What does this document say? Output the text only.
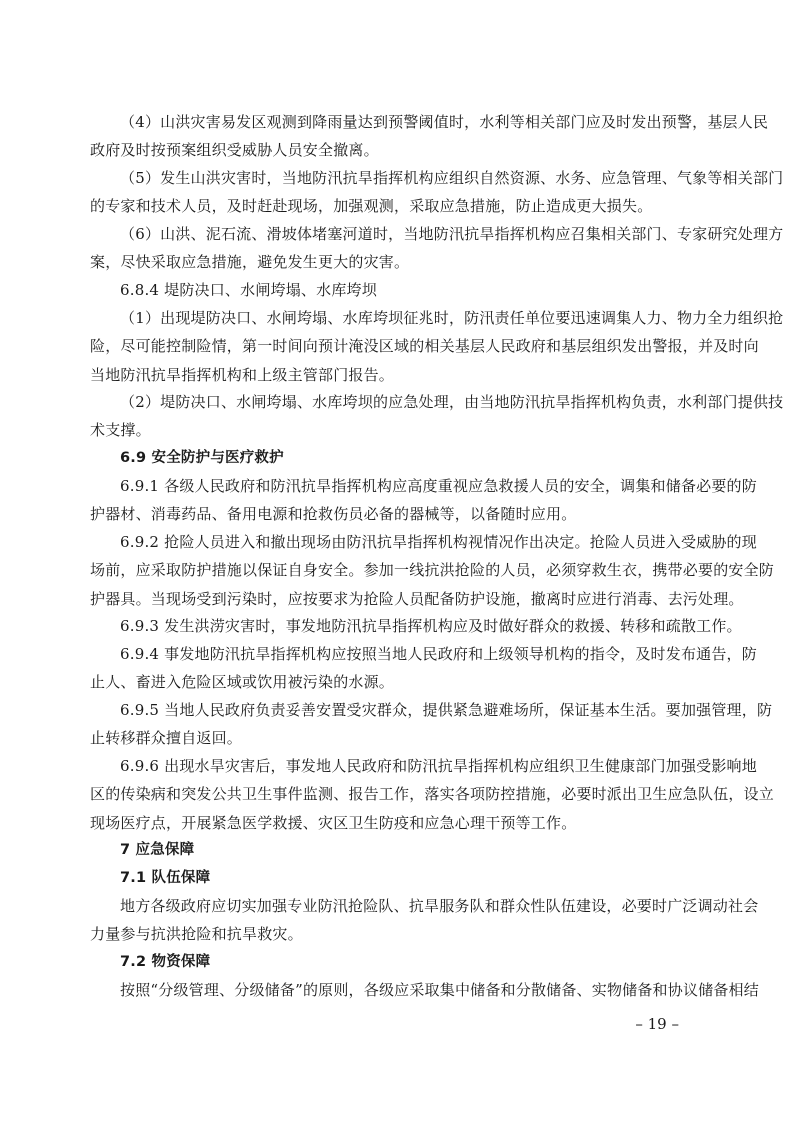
（4）山洪灾害易发区观测到降雨量达到预警阈值时，水利等相关部门应及时发出预警，基层人民
政府及时按预案组织受威胁人员安全撤离。
（5）发生山洪灾害时，当地防汛抗旱指挥机构应组织自然资源、水务、应急管理、气象等相关部门
的专家和技术人员，及时赶赴现场，加强观测，采取应急措施，防止造成更大损失。
（6）山洪、泥石流、滑坡体堵塞河道时，当地防汛抗旱指挥机构应召集相关部门、专家研究处理方
案，尽快采取应急措施，避免发生更大的灾害。
6.8.4 堤防决口、水闸垮塌、水库垮坝
（1）出现堤防决口、水闸垮塌、水库垮坝征兆时，防汛责任单位要迅速调集人力、物力全力组织抢
险，尽可能控制险情，第一时间向预计淹没区域的相关基层人民政府和基层组织发出警报，并及时向
当地防汛抗旱指挥机构和上级主管部门报告。
（2）堤防决口、水闸垮塌、水库垮坝的应急处理，由当地防汛抗旱指挥机构负责，水利部门提供技
术支撑。
6.9 安全防护与医疗救护
6.9.1 各级人民政府和防汛抗旱指挥机构应高度重视应急救援人员的安全，调集和储备必要的防
护器材、消毒药品、备用电源和抢救伤员必备的器械等，以备随时应用。
6.9.2 抢险人员进入和撤出现场由防汛抗旱指挥机构视情况作出决定。抢险人员进入受威胁的现
场前，应采取防护措施以保证自身安全。参加一线抗洪抢险的人员，必须穿救生衣，携带必要的安全防
护器具。当现场受到污染时，应按要求为抢险人员配备防护设施，撤离时应进行消毒、去污处理。
6.9.3 发生洪涝灾害时，事发地防汛抗旱指挥机构应及时做好群众的救援、转移和疏散工作。
6.9.4 事发地防汛抗旱指挥机构应按照当地人民政府和上级领导机构的指令，及时发布通告，防
止人、畜进入危险区域或饮用被污染的水源。
6.9.5 当地人民政府负责妥善安置受灾群众，提供紧急避难场所，保证基本生活。要加强管理，防
止转移群众擅自返回。
6.9.6 出现水旱灾害后，事发地人民政府和防汛抗旱指挥机构应组织卫生健康部门加强受影响地
区的传染病和突发公共卫生事件监测、报告工作，落实各项防控措施，必要时派出卫生应急队伍，设立
现场医疗点，开展紧急医学救援、灾区卫生防疫和应急心理干预等工作。
7 应急保障
7.1 队伍保障
地方各级政府应切实加强专业防汛抢险队、抗旱服务队和群众性队伍建设，必要时广泛调动社会
力量参与抗洪抢险和抗旱救灾。
7.2 物资保障
按照“分级管理、分级储备”的原则，各级应采取集中储备和分散储备、实物储备和协议储备相结
– 19 –
